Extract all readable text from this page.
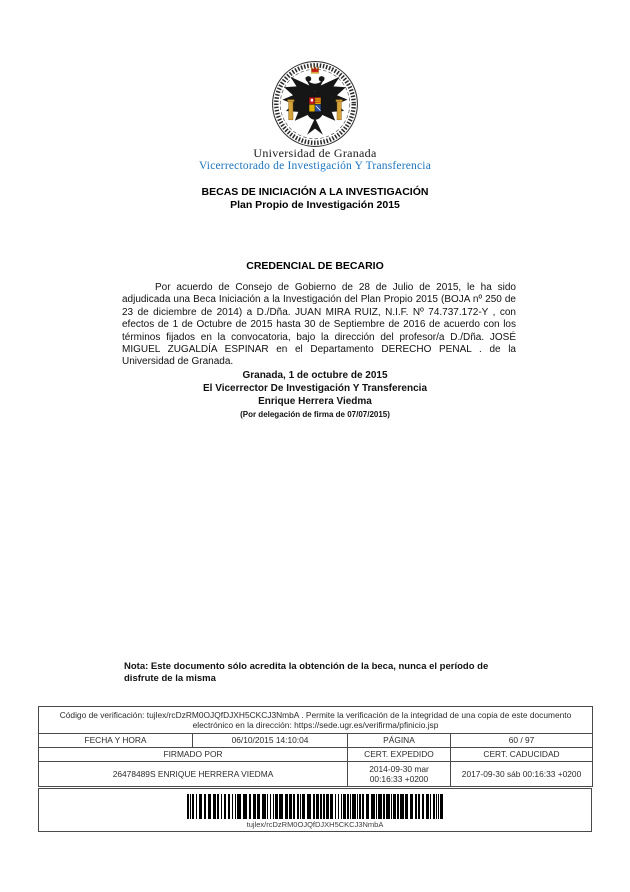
Universidad de Granada
Vicerrectorado de Investigación Y Transferencia
BECAS DE INICIACIÓN A LA INVESTIGACIÓN
Plan Propio de Investigación 2015
CREDENCIAL DE BECARIO
Por acuerdo de Consejo de Gobierno de 28 de Julio de 2015, le ha sido adjudicada una Beca Iniciación a la Investigación del Plan Propio 2015 (BOJA nº 250 de 23 de diciembre de 2014) a D./Dña. JUAN MIRA RUIZ, N.I.F. Nº 74.737.172-Y , con efectos de 1 de Octubre de 2015 hasta 30 de Septiembre de 2016 de acuerdo con los términos fijados en la convocatoria, bajo la dirección del profesor/a D./Dña. JOSÉ MIGUEL ZUGALDÍA ESPINAR en el Departamento DERECHO PENAL . de la Universidad de Granada.
Granada, 1 de octubre de 2015
El Vicerrector De Investigación Y Transferencia
Enrique Herrera Viedma
(Por delegación de firma de 07/07/2015)
Nota: Este documento sólo acredita la obtención de la beca, nunca el período de disfrute de la misma
Código de verificación: tujlex/rcDzRM0OJQfDJXH5CKCJ3NmbA . Permite la verificación de la integridad de una copia de este documento electrónico en la dirección: https://sede.ugr.es/verifirma/pfinicio.jsp			
FECHA Y HORA	06/10/2015 14:10:04	PÁGINA	60 / 97
FIRMADO POR		CERT. EXPEDIDO	CERT. CADUCIDAD
26478489S ENRIQUE HERRERA VIEDMA		2014-09-30 mar 00:16:33 +0200	2017-09-30 sáb 00:16:33 +0200
tujlex/rcDzRM0OJQfDJXH5CKCJ3NmbA
